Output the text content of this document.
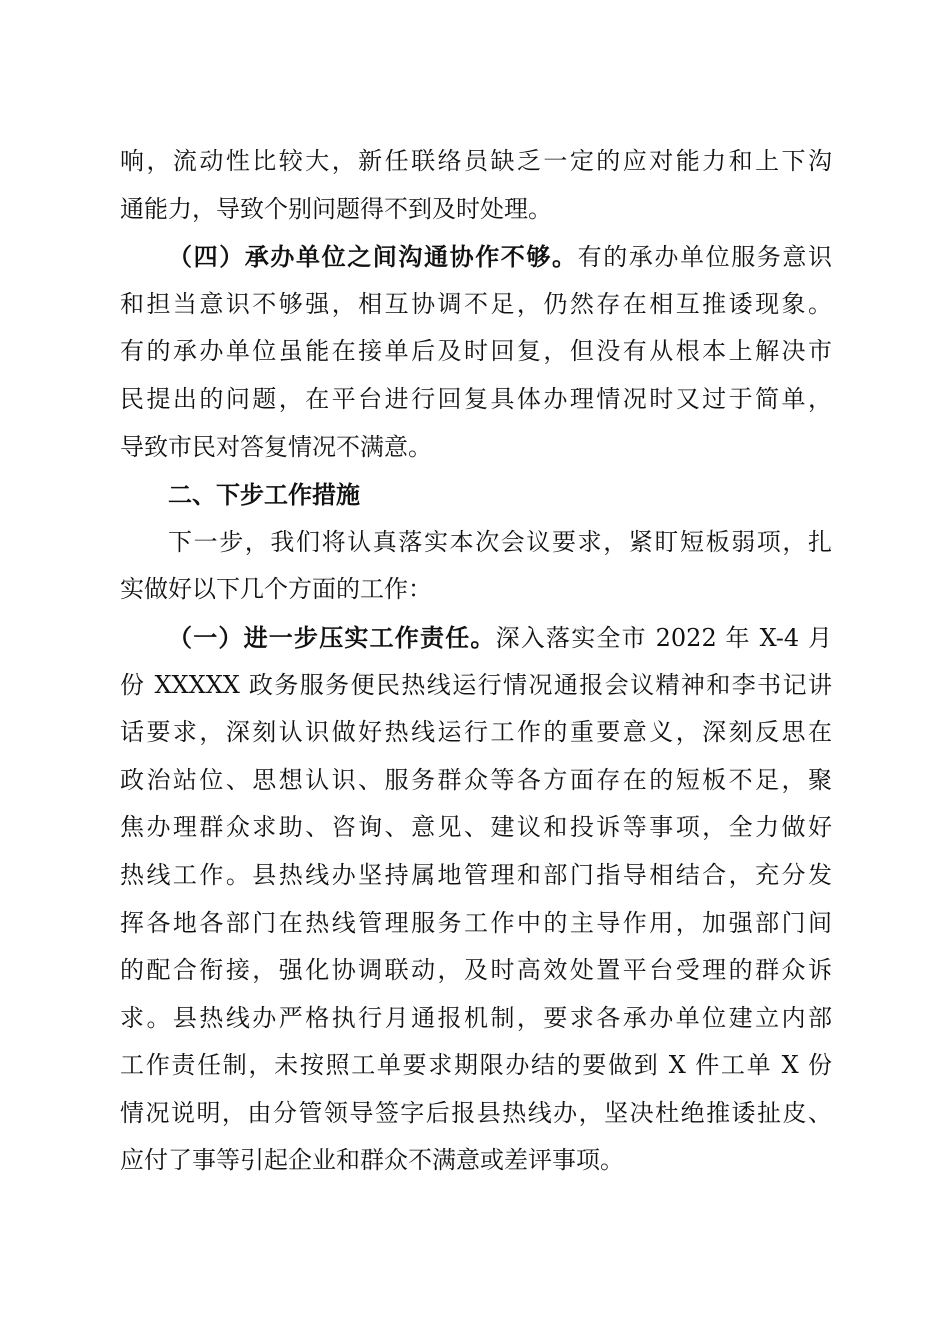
响，流动性比较大，新任联络员缺乏一定的应对能力和上下沟
通能力，导致个别问题得不到及时处理。
（四）承办单位之间沟通协作不够。有的承办单位服务意识
和担当意识不够强，相互协调不足，仍然存在相互推诿现象。
有的承办单位虽能在接单后及时回复，但没有从根本上解决市
民提出的问题，在平台进行回复具体办理情况时又过于简单，
导致市民对答复情况不满意。
二、下步工作措施
下一步，我们将认真落实本次会议要求，紧盯短板弱项，扎
实做好以下几个方面的工作：
（一）进一步压实工作责任。深入落实全市 2022 年 X-4 月
份 XXXXX 政务服务便民热线运行情况通报会议精神和李书记讲
话要求，深刻认识做好热线运行工作的重要意义，深刻反思在
政治站位、思想认识、服务群众等各方面存在的短板不足，聚
焦办理群众求助、咨询、意见、建议和投诉等事项，全力做好
热线工作。县热线办坚持属地管理和部门指导相结合，充分发
挥各地各部门在热线管理服务工作中的主导作用，加强部门间
的配合衔接，强化协调联动，及时高效处置平台受理的群众诉
求。县热线办严格执行月通报机制，要求各承办单位建立内部
工作责任制，未按照工单要求期限办结的要做到 X 件工单 X 份
情况说明，由分管领导签字后报县热线办，坚决杜绝推诿扯皮、
应付了事等引起企业和群众不满意或差评事项。
